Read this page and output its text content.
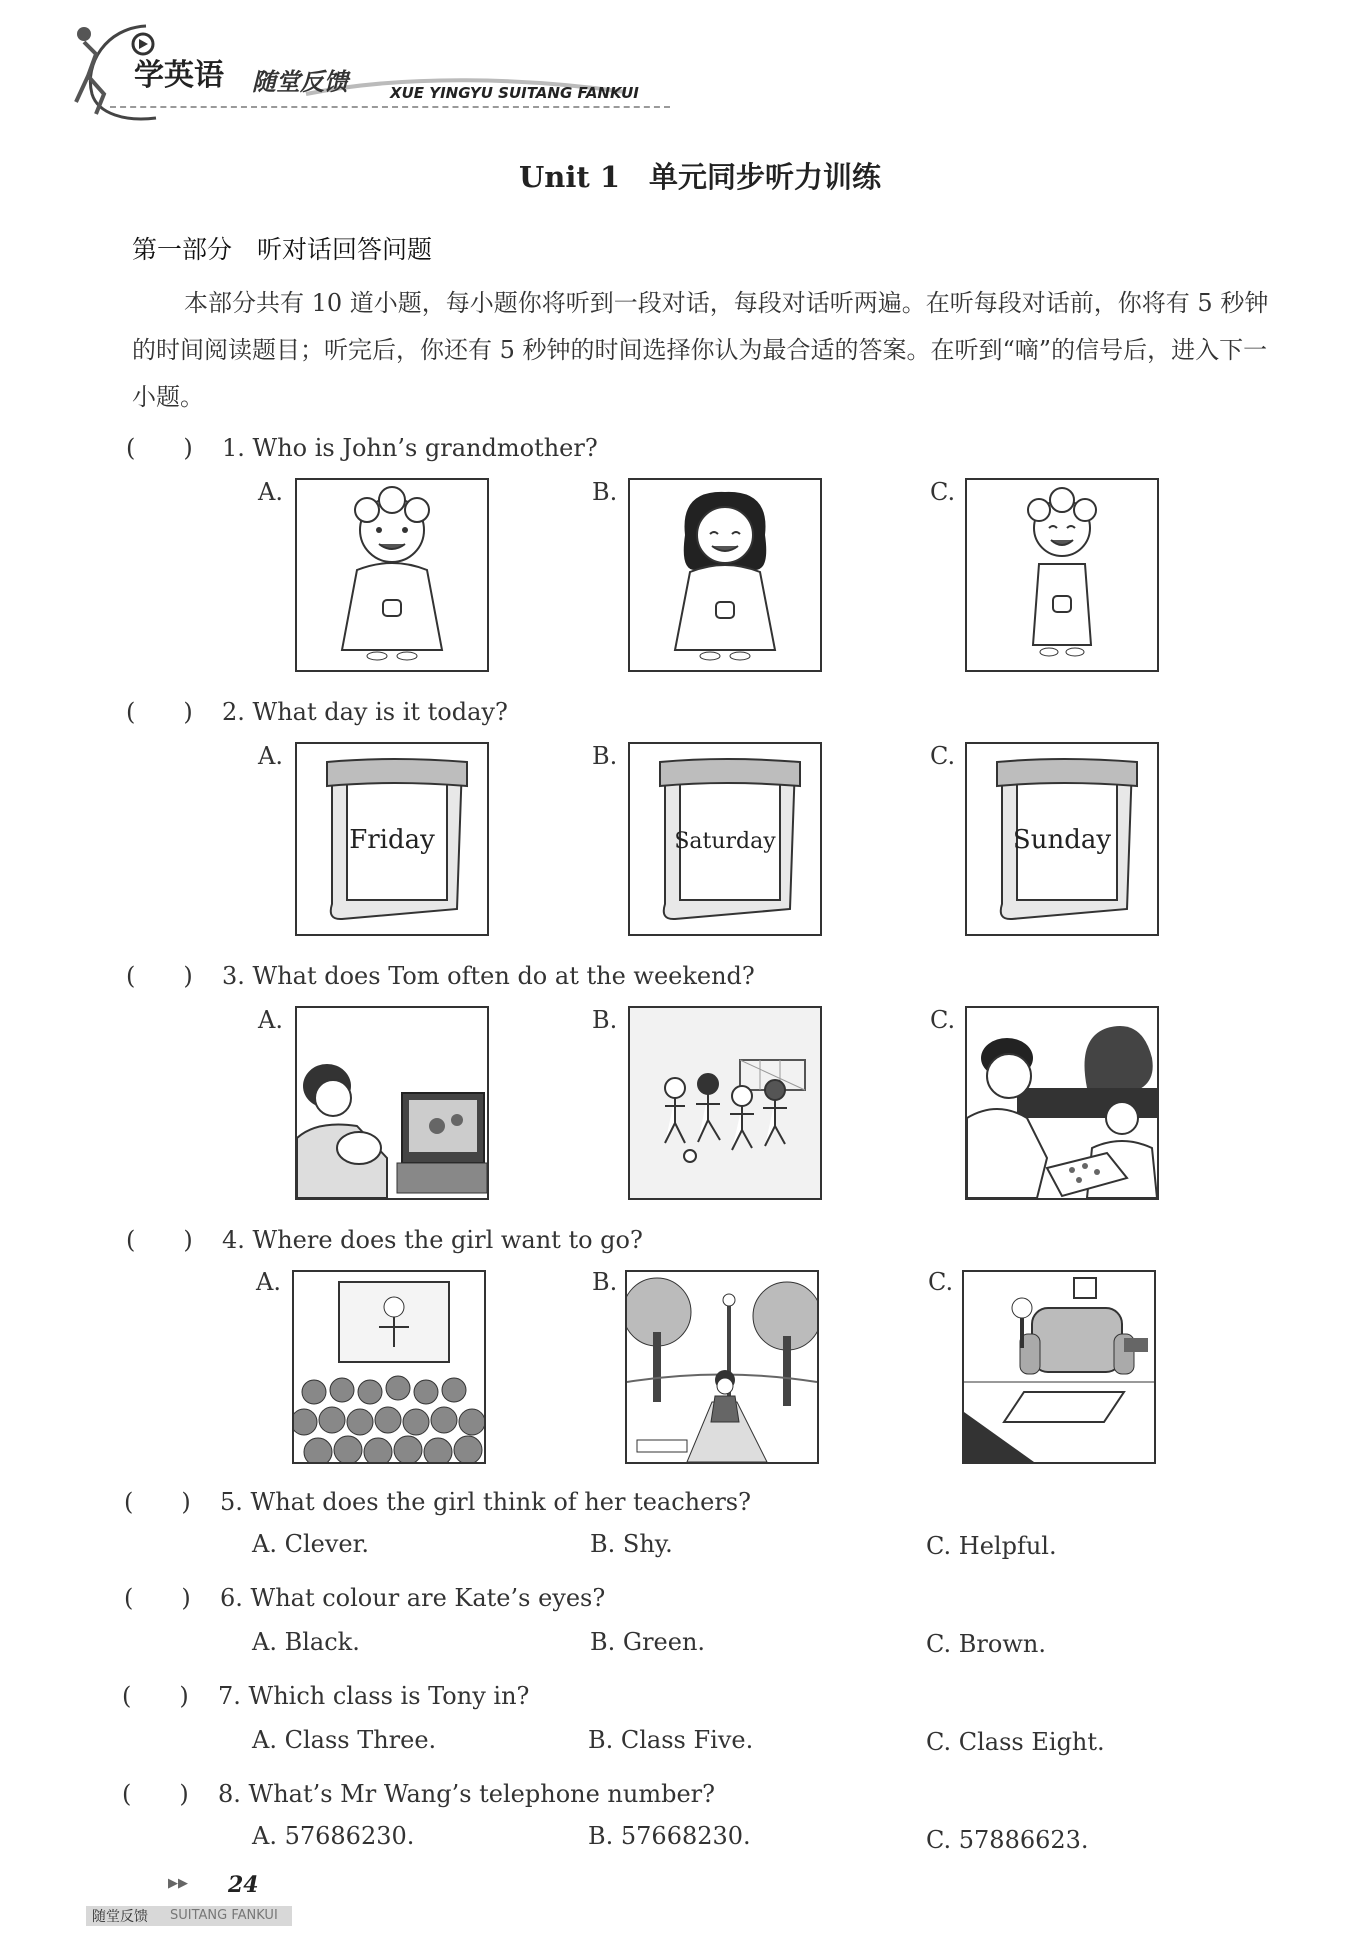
学英语 随堂反馈	XUE YINGYU SUITANG FANKUI
Unit 1　单元同步听力训练
第一部分　听对话回答问题
本部分共有 10 道小题，每小题你将听到一段对话，每段对话听两遍。在听每段对话前，你将有 5 秒钟的时间阅读题目；听完后，你还有 5 秒钟的时间选择你认为最合适的答案。在听到“嘀”的信号后，进入下一小题。
(　　) 1. Who is John’s grandmother?
A.	B.	C.
(　　) 2. What day is it today?
A.	B.	C.
Friday	Saturday	Sunday
(　　) 3. What does Tom often do at the weekend?
A.	B.	C.
(　　) 4. Where does the girl want to go?
A.	B.	C.
(　　) 5. What does the girl think of her teachers?
A. Clever.	B. Shy.	C. Helpful.
(　　) 6. What colour are Kate’s eyes?
A. Black.	B. Green.	C. Brown.
(　　) 7. Which class is Tony in?
A. Class Three.	B. Class Five.	C. Class Eight.
(　　) 8. What’s Mr Wang’s telephone number?
A. 57686230.	B. 57668230.	C. 57886623.
▶▶ 24
随堂反馈 SUITANG FANKUI
